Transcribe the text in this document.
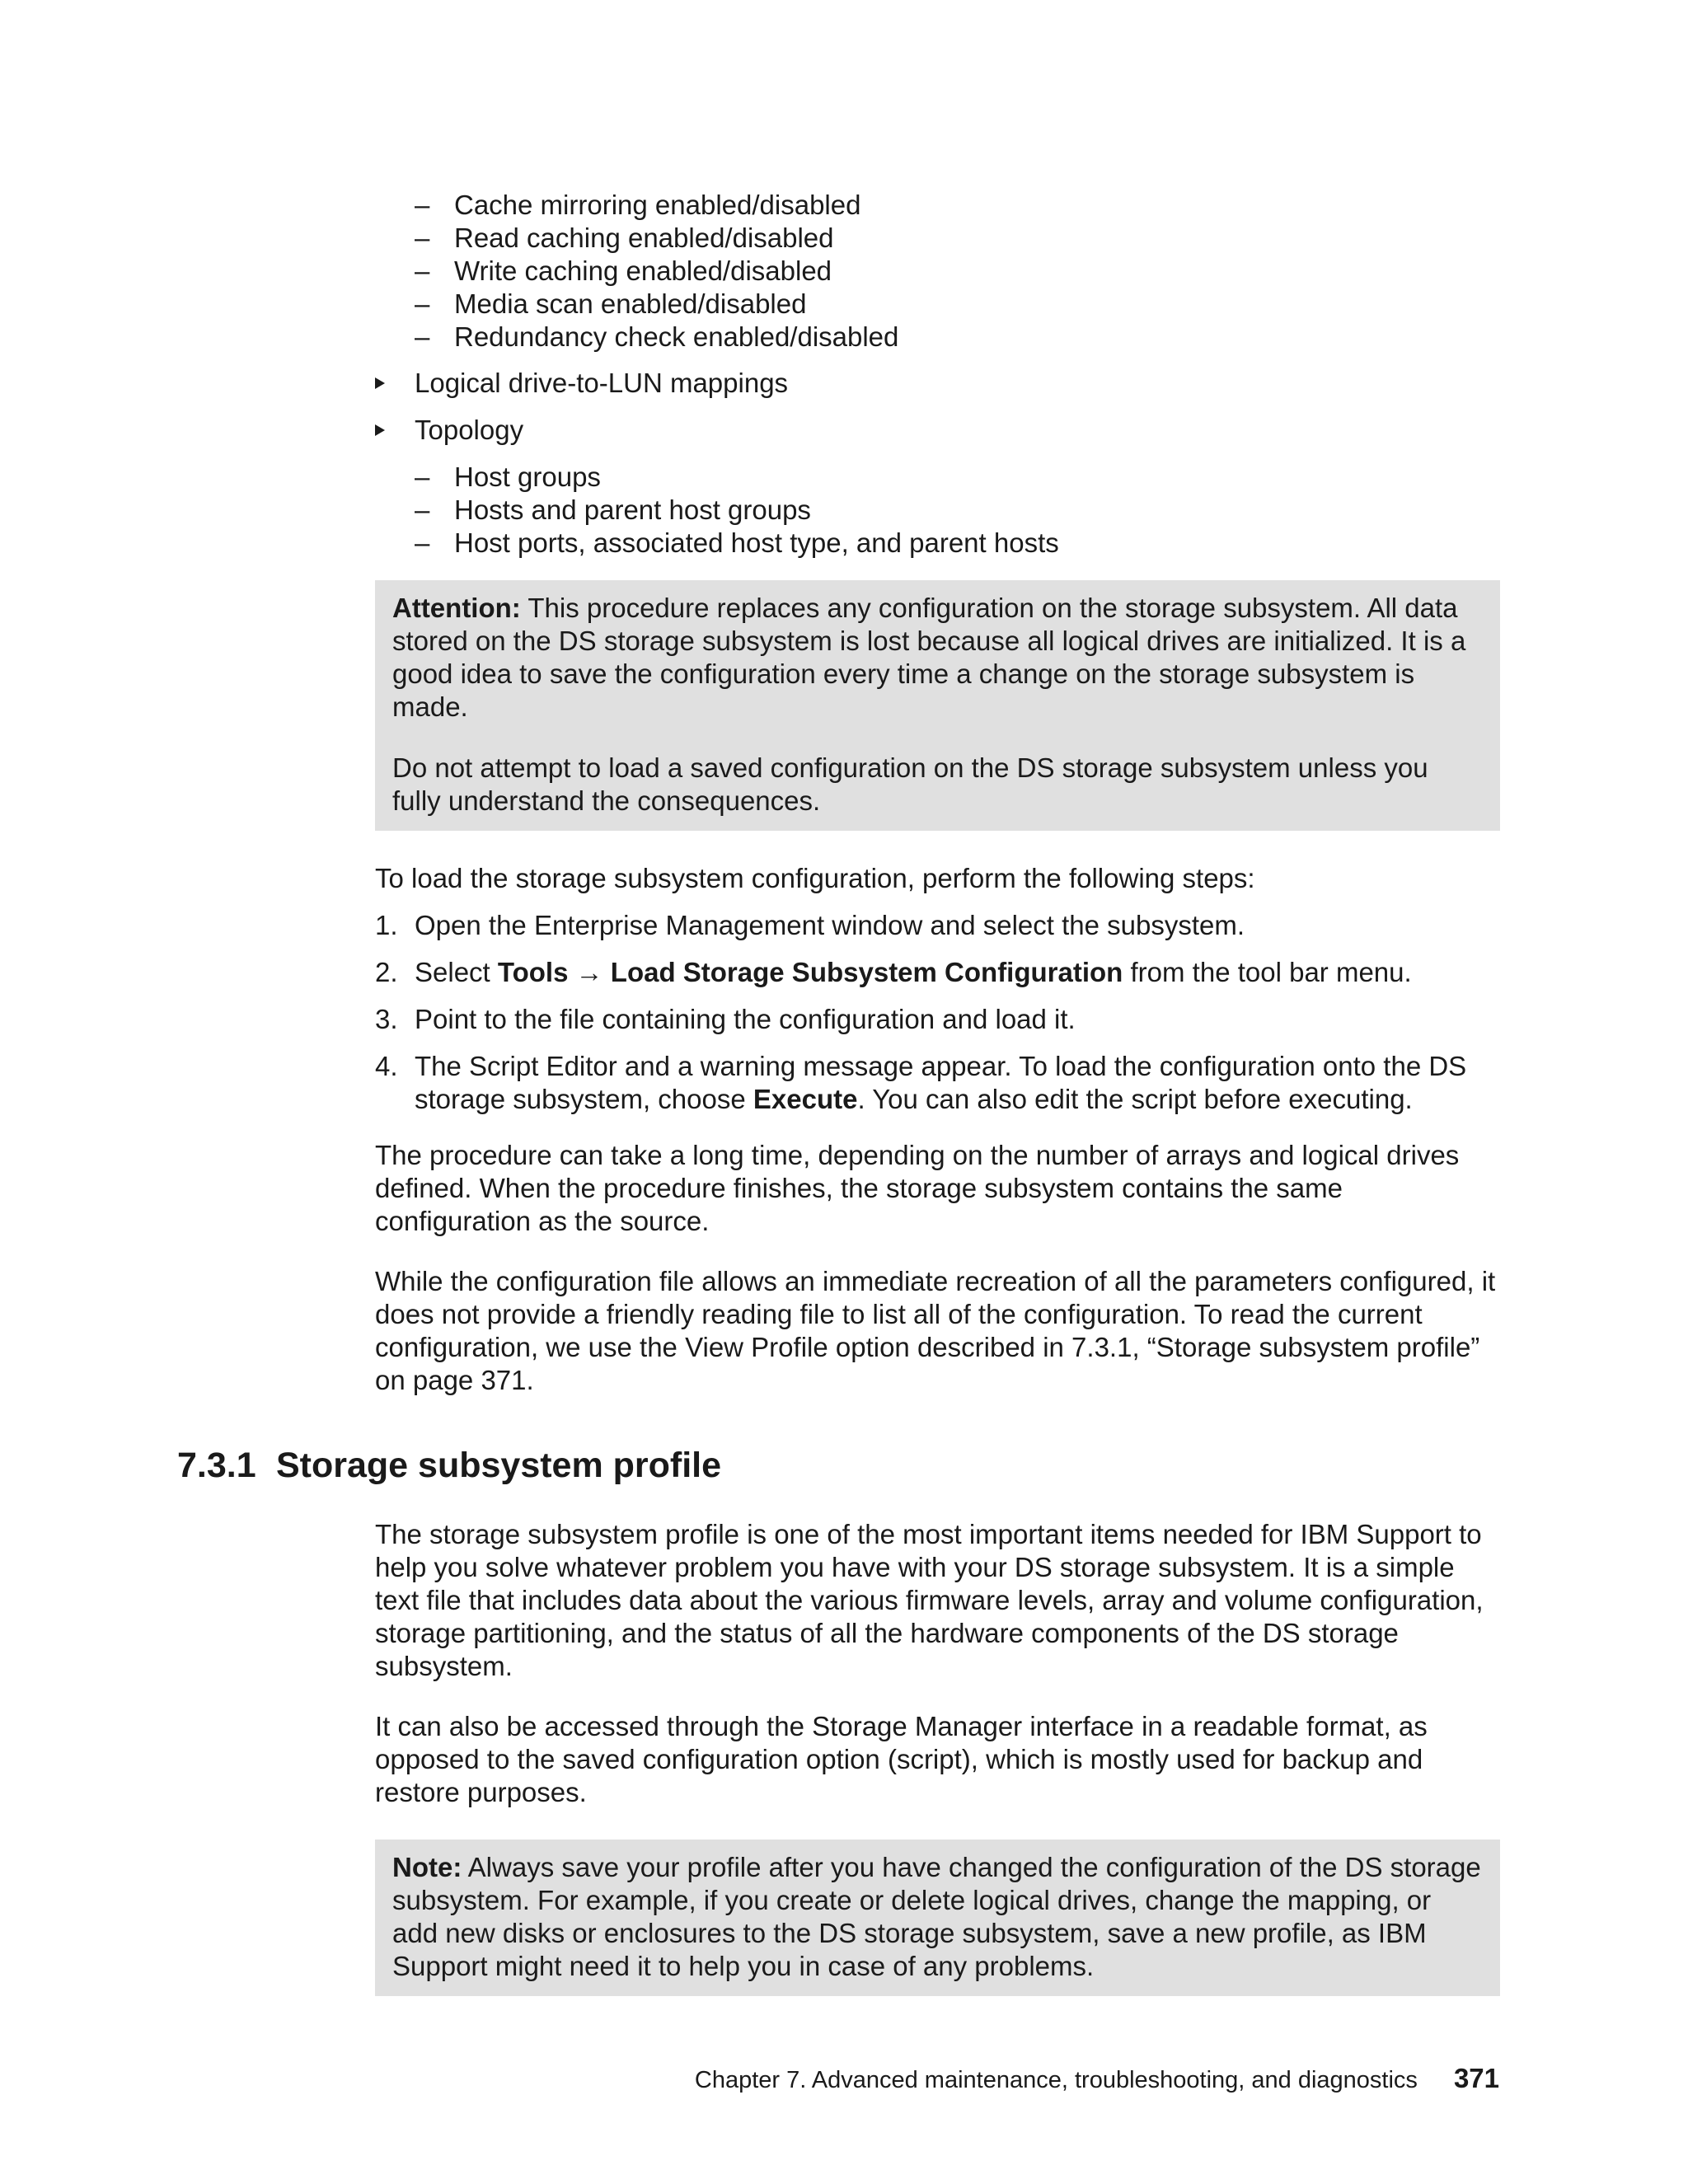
– Cache mirroring enabled/disabled
– Read caching enabled/disabled
– Write caching enabled/disabled
– Media scan enabled/disabled
– Redundancy check enabled/disabled

Logical drive-to-LUN mappings

Topology

– Host groups
– Hosts and parent host groups
– Host ports, associated host type, and parent hosts

Attention: This procedure replaces any configuration on the storage subsystem. All data stored on the DS storage subsystem is lost because all logical drives are initialized. It is a good idea to save the configuration every time a change on the storage subsystem is made.

Do not attempt to load a saved configuration on the DS storage subsystem unless you fully understand the consequences.

To load the storage subsystem configuration, perform the following steps:

1. Open the Enterprise Management window and select the subsystem.
2. Select Tools → Load Storage Subsystem Configuration from the tool bar menu.
3. Point to the file containing the configuration and load it.
4. The Script Editor and a warning message appear. To load the configuration onto the DS storage subsystem, choose Execute. You can also edit the script before executing.

The procedure can take a long time, depending on the number of arrays and logical drives defined. When the procedure finishes, the storage subsystem contains the same configuration as the source.

While the configuration file allows an immediate recreation of all the parameters configured, it does not provide a friendly reading file to list all of the configuration. To read the current configuration, we use the View Profile option described in 7.3.1, “Storage subsystem profile” on page 371.

7.3.1 Storage subsystem profile

The storage subsystem profile is one of the most important items needed for IBM Support to help you solve whatever problem you have with your DS storage subsystem. It is a simple text file that includes data about the various firmware levels, array and volume configuration, storage partitioning, and the status of all the hardware components of the DS storage subsystem.

It can also be accessed through the Storage Manager interface in a readable format, as opposed to the saved configuration option (script), which is mostly used for backup and restore purposes.

Note: Always save your profile after you have changed the configuration of the DS storage subsystem. For example, if you create or delete logical drives, change the mapping, or add new disks or enclosures to the DS storage subsystem, save a new profile, as IBM Support might need it to help you in case of any problems.

Chapter 7. Advanced maintenance, troubleshooting, and diagnostics 371
